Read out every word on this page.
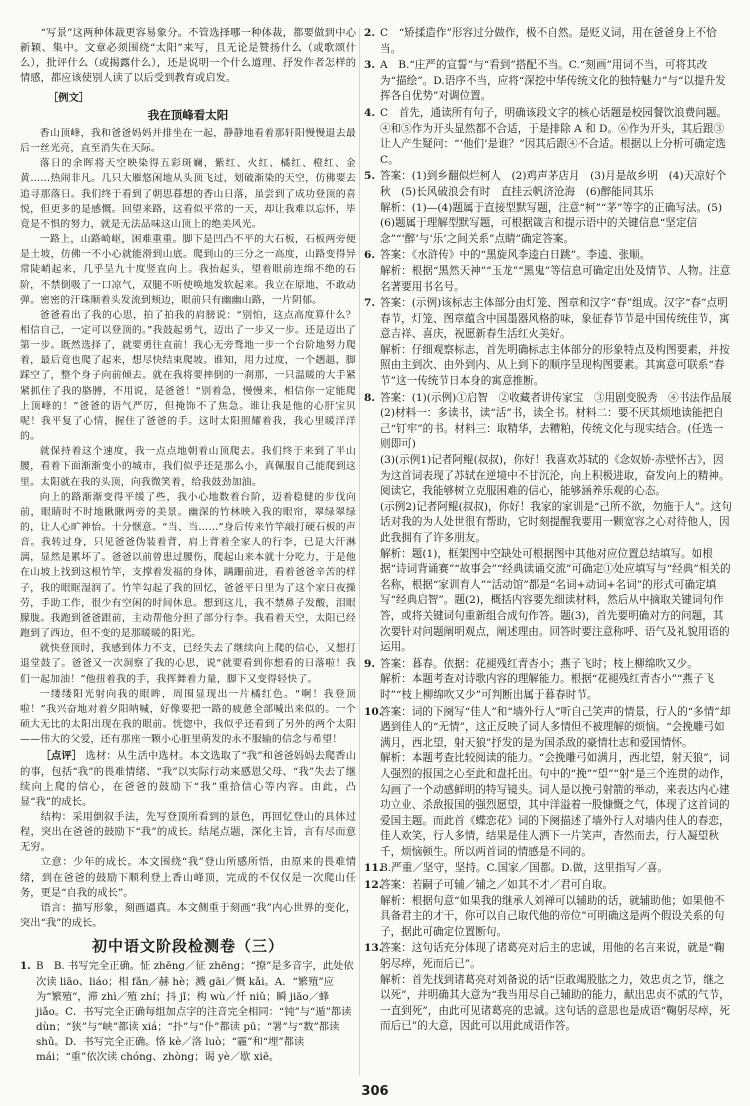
“写景”这两种体裁更容易象分。不管选择哪一种体裁，都要做到中心新颖、集中。文章必须围绕“太阳”来写，且无论是赞扬什么（或歌颂什么），批评什么（或揭露什么），还是说明一个什么道理、抒发作者怎样的情感，都应该使别人读了以后受到教育或启发。

［例文］

我在顶峰看太阳

香山顶峰，我和爸爸妈妈并排坐在一起，静静地看着那轩阳慢慢退去最后一丝光亮，直至消失在天际。

落日的余晖将天空映染得五彩斑斓，紫红、火红、橘红、橙红、金黄……热闹非凡。几只大雁悠闲地从头顶飞过，划破渐染的天空，仿佛要去追寻那落日。我们终于看到了朝思暮想的香山日落，虽尝到了成功登顶的喜悦，但更多的是感慨。回望来路，这看似平常的一天，却让我难以忘怀，毕竟是不惧的努力，就是无法品味这山顶上的绝美风光。

一路上，山路崎岖，困难重重。脚下是凹凸不平的大石板，石板两旁便是土坡，仿佛一不小心就能滑到山底。爬到山的三分之一高度，山路变得异常陡峭起来，几乎呈九十度竖直向上。我抬起头，望着眼前连绵不绝的石阶，不禁倒吸了一口凉气，双腿不听使唤地发软起来。我立在原地，不敢动弹。密密的汗珠顺着头发流到颊边，眼前只有幽幽山路，一片阴郁。

爸爸看出了我的心思，拍了拍我的肩膀说：“别怕，这点高度算什么？相信自己，一定可以登顶的。”我鼓起勇气，迈出了一步又一步。还是迈出了第一步。既然选择了，就要勇往直前！我心无旁骛地一步一个台阶地努力爬着，最后竟也爬了起来，想尽快结束爬坡。谁知，用力过度，一个趔趄，脚踩空了，整个身子向前倾去。就在我将要摔倒的一刹那，一只温暖的大手紧紧抓住了我的胳膊，不用说，是爸爸！“别着急，慢慢来，相信你一定能爬上顶峰的！”爸爸的语气严厉，但掩饰不了焦急。谁让我是他的心肝宝贝呢！我平复了心情，握住了爸爸的手。这时太阳照耀着我，我心里暖洋洋的。

就保持着这个速度，我一点点地朝着山顶爬去。我们终于来到了半山腰，看着下面渐渐变小的城市，我们似乎还是那么小，真佩服自己能爬到这里。太阳就在我的头顶，向我微笑着，给我鼓劲加油。

向上的路渐渐变得平缓了些，我小心地数着台阶，迈着稳健的步伐向前，眼睛时不时地瞅瞅两旁的美景。幽深的竹林映入我的眼帘，翠绿翠绿的，让人心旷神怡。十分惬意。“当、当……”身后传来竹竿敲打硬石板的声音。我转过身，只见爸爸伪装着背，肩上背着全家人的行李，已是大汗淋漓，显然是累坏了。爸爸以前曾患过腰伤，爬起山来本就十分吃力，于是他在山坡上找到这根竹竿，支撑着发福的身体，蹒跚前进，看着爸爸辛苦的样子，我的眼眶湿润了。竹竿勾起了我的回忆，爸爸平日里为了这个家日夜操劳，手助工作，很少有空闲的时间休息。想到这儿，我不禁鼻子发酸，泪眼朦胧。我跑到爸爸跟前，主动帮他分担了部分行李。我看着天空，太阳已经跑到了西边，但不变的是那暖暖的阳光。

就快登顶时，我感到体力不支，已经失去了继续向上爬的信心，又想打退堂鼓了。爸爸又一次洞察了我的心思，说“就要看到你想看的日落啦！我们一起加油！”他扭着我的手，我挥舞着力量，脚下又变得轻快了。

一缕缕阳光射向我的眼眸，周围显现出一片橘红色。“啊！我登顶啦！”我兴奋地对着夕阳呐喊，好像要把一路的疲惫全部喊出来似的。一个硕大无比的太阳出现在我的眼前。恍惚中，我似乎还看到了另外的两个太阳——伟大的父爱，还有那座一颗小心脏里萌发的永不服输的信念与希望！

［点评］ 选材：从生活中选材。本文选取了“我”和爸爸妈妈去爬香山的事，包括“我”的畏难情绪、“我”以实际行动来感恩父母、“我”失去了继续向上爬的信心，在爸爸的鼓励下“我”重拾信心等内容。由此，凸显“我”的成长。

结构：采用倒叙手法，先写登顶所看到的景色，再回忆登山的具体过程，突出在爸爸的鼓励下“我”的成长。结尾点题，深化主旨，言有尽而意无穷。

立意：少年的成长。本文围绕“我”登山所感所悟，由原来的畏难情绪，到在爸爸的鼓励下顺利登上香山峰顶，完成的不仅仅是一次爬山任务，更是“自我的成长”。

语言：描写形象，刻画逼真。本文侧重于刻画“我”内心世界的变化，突出“我”的成长。

初中语文阶段检测卷（三）
1. B　B. 书写完全正确。怔 zhēng／征 zhēng；“撩”是多音字，此处依次读 liāo、liáo；相 fǎn／赫 hè；溅 gāi／慨 kǎi。A．“繁殖”应为“繁殖”，滞 zhì／殖 zhí；抖 jǐ；构 wù／忏 niǔ；瞬 jiāo／蜂 jiǎo。C．书写完全正确每组加点字的注音完全相同：“钝”与“遁”都读 dùn；“狭”与“峡”都读 xiá；“扑”与“仆”都读 pū；“署”与“数”都读 shǔ。D．书写完全正确。恪 kè／洛 luò；“霾”和“埋”都读 mái；“重”依次读 chóng、zhòng；谒 yè／歇 xiē。
2. C　“矫揉造作”形容过分做作，极不自然。是贬义词，用在爸爸身上不恰当。
3. A　B.“庄严的宣誓”与“看到”搭配不当。C.“刻画”用词不当，可将其改为“描绘”。D.语序不当，应将“深挖中华传统文化的独特魅力”与“以提升发挥各自优势”对调位置。
4. C　首先，通读所有句子，明确该段文字的核心话题是校园餐饮浪费问题。④和⑤作为开头显然都不合适，于是排除 A 和 D。⑥作为开头，其后跟③让人产生疑问：“‘他们’是谁？”因其后跟④不合适。根据以上分析可确定选 C。
5. 答案：(1)到乡翻似烂柯人　(2)鸡声茅店月　(3)月是故乡明　(4)天凉好个秋　(5)长风破浪会有时　直挂云帆济沧海　(6)醉能同其乐
解析：(1)—(4)题属于直接型默写题，注意“柯”“茅”等字的正确写法。(5)(6)题属于理解型默写题，可根据箴言和提示语中的关键信息“坚定信念”“‘醉’与‘乐’之间关系”点睛”确定答案。
6. 答案：《水浒传》中的“黑旋风李逵白日跳”。李逵、张顺。
解析：根据“黑然天神”“玉龙”“黑鬼”等信息可确定出处及情节、人物。注意名著要用书名号。
7. 答案：(示例)该标志主体部分由灯笼、图章和汉字“春”组成。汉字“春”点明春节，灯笼、图章蕴含中国墨器风格韵味，象征春节节是中国传统佳节，寓意吉祥、喜庆，祝愿新春生活红火美好。
解析：仔细观察标志，首先明确标志主体部分的形象特点及构图要素，并按照由主到次、由外到内、从上到下的顺序呈现构图要素。其寓意可联系“春节”这一传统节日本身的寓意推断。
8. 答案：(1)(示例)①启智　②收藏者讲传家宝　③用剧变脱秀　④书法作品展
(2)材料一：多读书，读“活”书，读全书。材料二：要不厌其烦地读能把自己“钉牢”的书。材料三：取精华，去糟粕，传统文化与现实结合。(任选一则即可)
(3)(示例1)记者阿鲲(叔叔)，你好！我喜欢苏轼的《念奴娇·赤壁怀古》，因为这首词表现了苏轼在逆境中不甘沉沦，向上积极进取，奋发向上的精神。阅读它，我能够树立克服困难的信心，能够涵养乐观的心态。
(示例2)记者阿鲲(叔叔)，你好！我家的家训是“己所不欲，勿施于人”。这句话对我的为人处世很有帮助，它时刻提醒我要用一颗宽容之心对待他人，因此我拥有了许多朋友。
解析：题(1)，框架图中空缺处可根据图中其他对应位置总结填写。如根据“诗词背诵赛”“故事会”“经典读诵交流”可确定①处应填写与“经典”相关的名称，根据“家训育人”“活动馆”都是“名词+动词+名词”的形式可确定填写“经典启智”。题(2)，概括内容要先细读材料，然后从中摘取关键词句作答，或将关键词句重新组合成句作答。题(3)，首先要明确对方的问题，其次要针对问题阐明观点，阐述理由。回答时要注意称呼、语气及礼貌用语的运用。
9. 答案：暮春。依据：花褪残红青杏小；燕子飞时；枝上柳绵吹又少。
解析：本题考查对诗歌内容的理解能力。根据“花褪残红青杏小”“燕子飞时”“枝上柳绵吹又少”可判断出属于暮春时节。
10.
答案：词的下阕写“佳人”和“墙外行人”听自己笑声的情景，行人的“多情”却遇到佳人的“无情”，这正反映了词人多情但不被理解的烦恼。“会挽雕弓如满月，西北望，射天狼”抒发的是为国杀敌的豪情壮志和爱国情怀。
解析：本题考查比较阅读的能力。“会挽雕弓如满月，西北望，射天狼”，词人强烈的报国之心至此和盘托出。句中的“挽”“望”“射”是三个连贯的动作，勾画了一个动感鲜明的特写镜头。词人是以挽弓射箭的举动，来表达内心建功立业、杀敌报国的强烈愿望，其中洋溢着一股慷慨之气，体现了这首词的爱国主题。而此首《蝶恋花》词的下阕描述了墙外行人对墙内佳人的春恋，佳人欢笑，行人多情，结果是佳人洒下一片笑声，杳然而去，行人凝望秋千，烦恼顿生。所以两首词的情感是不同的。
11.
B.严重／坚守，坚持。C.国家／国都。D.做，这里指写／喜。
12.
答案：若嗣子可辅／辅之／如其不才／君可自取。
解析：根据句意“如果我的继承人刘禅可以辅助的话，就辅助他；如果他不具备君主的才干，你可以自己取代他的帝位”可明确这是两个假设关系的句子，据此可确定位置断句。
13.
答案：这句话充分体现了诸葛亮对后主的忠诚，用他的名言来说，就是“鞠躬尽瘁，死而后已”。
解析：首先找到诸葛亮对刘备说的话“臣敢竭股肱之力，效忠贞之节，继之以死”，并明确其大意为“我当用尽自己辅助的能力，献出忠贞不贰的气节，一直到死”，由此可见诸葛亮的忠诚。这句话的意思也是成语“鞠躬尽瘁，死而后已”的大意，因此可以用此成语作答。
306
